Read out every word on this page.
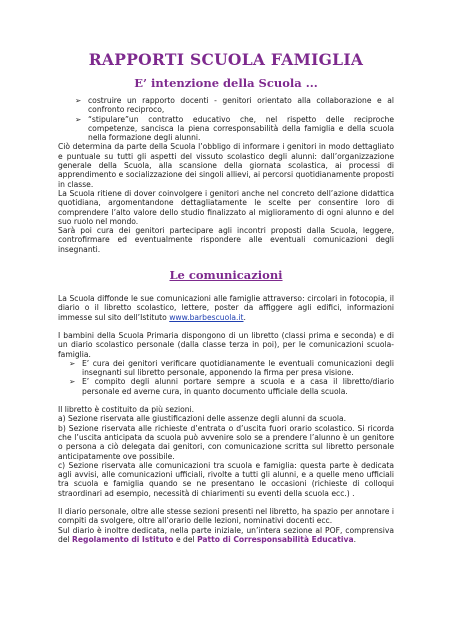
RAPPORTI SCUOLA FAMIGLIA
E’ intenzione della Scuola ...
➢ costruire un rapporto docenti - genitori orientato alla collaborazione e al confronto reciproco,
➢ “stipulare”un contratto educativo che, nel rispetto delle reciproche competenze, sancisca la piena corresponsabilità della famiglia e della scuola nella formazione degli alunni.

Ciò determina da parte della Scuola l’obbligo di informare i genitori in modo dettagliato e puntuale su tutti gli aspetti del vissuto scolastico degli alunni: dall’organizzazione generale della Scuola, alla scansione della giornata scolastica, ai processi di apprendimento e socializzazione dei singoli allievi, ai percorsi quotidianamente proposti in classe.

La Scuola ritiene di dover coinvolgere i genitori anche nel concreto dell’azione didattica quotidiana, argomentandone dettagliatamente le scelte per consentire loro di comprendere l’alto valore dello studio finalizzato al miglioramento di ogni alunno e del suo ruolo nel mondo.

Sarà poi cura dei genitori partecipare agli incontri proposti dalla Scuola, leggere, controfirmare ed eventualmente rispondere alle eventuali comunicazioni degli insegnanti.

Le comunicazioni

La Scuola diffonde le sue comunicazioni alle famiglie attraverso: circolari in fotocopia, il diario o il libretto scolastico, lettere, poster da affiggere agli edifici, informazioni immesse sul sito dell’Istituto www.barbescuola.it.

I bambini della Scuola Primaria dispongono di un libretto (classi prima e seconda) e di un diario scolastico personale (dalla classe terza in poi), per le comunicazioni scuola-famiglia.

➢ E’ cura dei genitori verificare quotidianamente le eventuali comunicazioni degli insegnanti sul libretto personale, apponendo la firma per presa visione.
➢ E’ compito degli alunni portare sempre a scuola e a casa il libretto/diario personale ed averne cura, in quanto documento ufficiale della scuola.

Il libretto è costituito da più sezioni.

a) Sezione riservata alle giustificazioni delle assenze degli alunni da scuola.

b) Sezione riservata alle richieste d’entrata o d’uscita fuori orario scolastico. Si ricorda che l’uscita anticipata da scuola può avvenire solo se a prendere l’alunno è un genitore o persona a ciò delegata dai genitori, con comunicazione scritta sul libretto personale anticipatamente ove possibile.

c) Sezione riservata alle comunicazioni tra scuola e famiglia: questa parte è dedicata agli avvisi, alle comunicazioni ufficiali, rivolte a tutti gli alunni, e a quelle meno ufficiali tra scuola e famiglia quando se ne presentano le occasioni (richieste di colloqui straordinari ad esempio, necessità di chiarimenti su eventi della scuola ecc.) .

Il diario personale, oltre alle stesse sezioni presenti nel libretto, ha spazio per annotare i compiti da svolgere, oltre all’orario delle lezioni, nominativi docenti ecc.

Sul diario è inoltre dedicata, nella parte iniziale, un’intera sezione al POF, comprensiva del Regolamento di Istituto e del Patto di Corresponsabilità Educativa.
